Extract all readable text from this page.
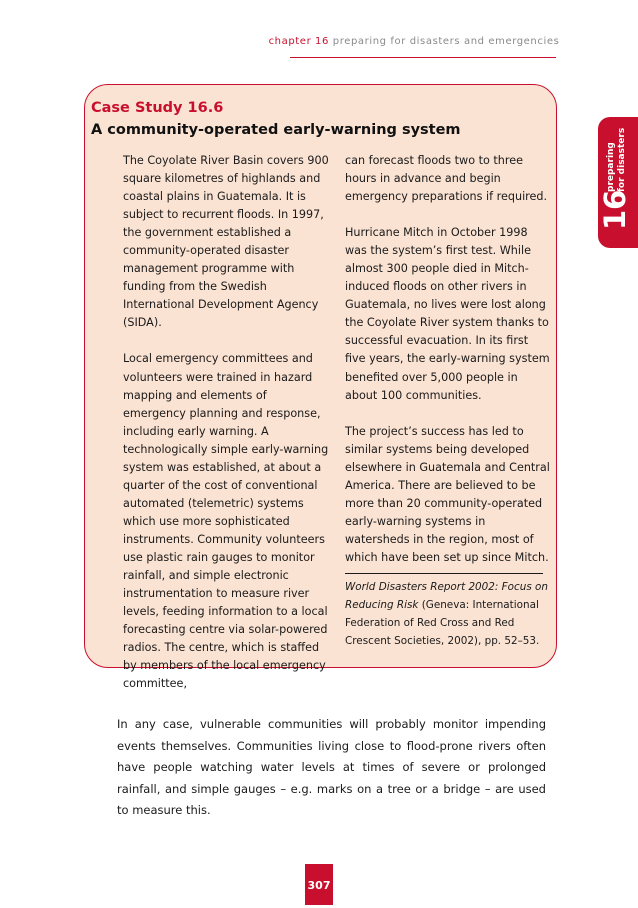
chapter 16 preparing for disasters and emergencies
16
preparing for disasters
Case Study 16.6
A community-operated early-warning system

The Coyolate River Basin covers 900 square kilometres of highlands and coastal plains in Guatemala. It is subject to recurrent floods. In 1997, the government established a community-operated disaster management programme with funding from the Swedish International Development Agency (SIDA).

Local emergency committees and volunteers were trained in hazard mapping and elements of emergency planning and response, including early warning. A technologically simple early-warning system was established, at about a quarter of the cost of conventional automated (telemetric) systems which use more sophisticated instruments. Community volunteers use plastic rain gauges to monitor rainfall, and simple electronic instrumentation to measure river levels, feeding information to a local forecasting centre via solar-powered radios. The centre, which is staffed by members of the local emergency committee,

can forecast floods two to three hours in advance and begin emergency preparations if required.

Hurricane Mitch in October 1998 was the system’s first test. While almost 300 people died in Mitch-induced floods on other rivers in Guatemala, no lives were lost along the Coyolate River system thanks to successful evacuation. In its first five years, the early-warning system benefited over 5,000 people in about 100 communities.

The project’s success has led to similar systems being developed elsewhere in Guatemala and Central America. There are believed to be more than 20 community-operated early-warning systems in watersheds in the region, most of which have been set up since Mitch.

World Disasters Report 2002: Focus on Reducing Risk (Geneva: International Federation of Red Cross and Red Crescent Societies, 2002), pp. 52–53.
In any case, vulnerable communities will probably monitor impending events themselves. Communities living close to flood-prone rivers often have people watching water levels at times of severe or prolonged rainfall, and simple gauges – e.g. marks on a tree or a bridge – are used to measure this.
307
